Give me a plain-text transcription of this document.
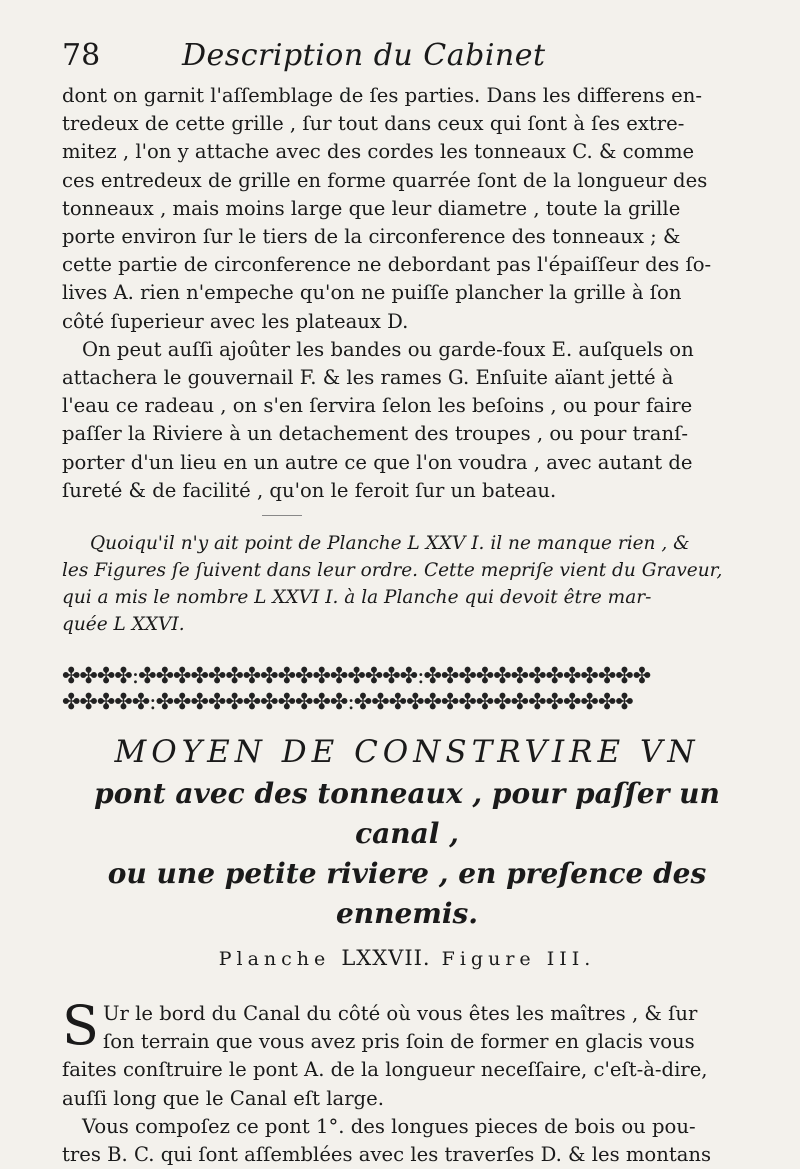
78	Description du Cabinet

dont on garnit l'aſſemblage de ſes parties. Dans les differens en-
tredeux de cette grille , ſur tout dans ceux qui ſont à ſes extre-
mitez , l'on y attache avec des cordes les tonneaux C. & comme
ces entredeux de grille en forme quarrée ſont de la longueur des
tonneaux , mais moins large que leur diametre , toute la grille
porte environ ſur le tiers de la circonference des tonneaux ; &
cette partie de circonference ne debordant pas l'épaiſſeur des ſo-
lives A. rien n'empeche qu'on ne puiſſe plancher la grille à ſon
côté ſuperieur avec les plateaux D.

On peut auſſi ajoûter les bandes ou garde-foux E. auſquels on
attachera le gouvernail F. & les rames G. Enſuite aïant jetté à
l'eau ce radeau , on s'en ſervira ſelon les beſoins , ou pour faire
paſſer la Riviere à un detachement des troupes , ou pour tranſ-
porter d'un lieu en un autre ce que l'on voudra , avec autant de
ſureté & de facilité , qu'on le feroit ſur un bateau.

Quoiqu'il n'y ait point de Planche L XXV I. il ne manque rien , &
les Figures ſe ſuivent dans leur ordre. Cette mepriſe vient du Graveur,
qui a mis le nombre L XXVI I. à la Planche qui devoit être mar-
quée L XXVI.
✤✤✤✤:✤✤✤✤✤✤✤✤✤✤✤✤✤✤✤✤:✤✤✤✤✤✤✤✤✤✤✤✤✤
✤✤✤✤✤:✤✤✤✤✤✤✤✤✤✤✤:✤✤✤✤✤✤✤✤✤✤✤✤✤✤✤✤
MOYEN DE CONSTRVIRE VN
pont avec des tonneaux , pour paſſer un canal ,
ou une petite riviere , en preſence des ennemis.
Planche LXXVII. Figure III.

S Ur le bord du Canal du côté où vous êtes les maîtres , & ſur
ſon terrain que vous avez pris ſoin de former en glacis vous
faites conſtruire le pont A. de la longueur neceſſaire, c'eſt-à-dire,
auſſi long que le Canal eſt large.

Vous compoſez ce pont 1°. des longues pieces de bois ou pou-
tres B. C. qui ſont aſſemblées avec les traverſes D. & les montans
